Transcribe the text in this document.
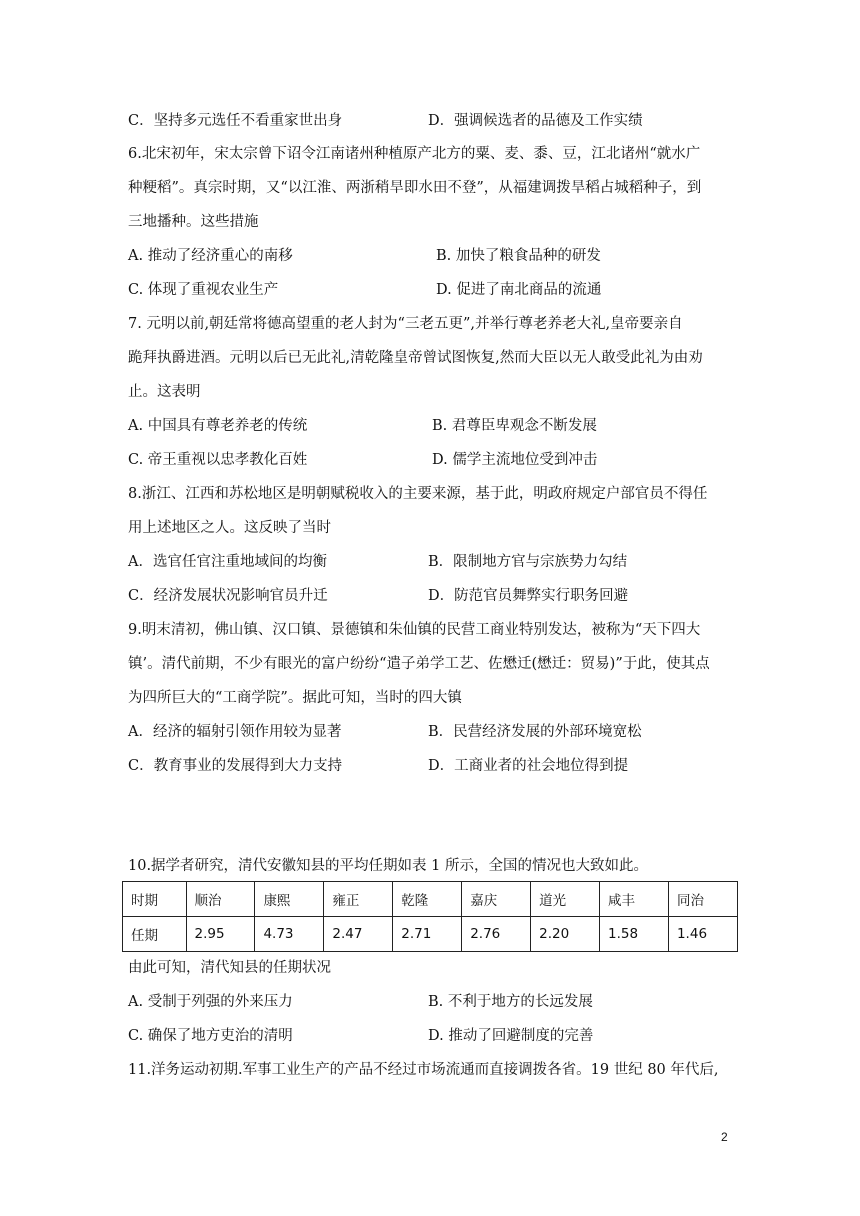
C．坚持多元选任不看重家世出身	D．强调候选者的品德及工作实绩
6.北宋初年，宋太宗曾下诏令江南诸州种植原产北方的粟、麦、黍、豆，江北诸州“就水广
种粳稻”。真宗时期，又“以江淮、两浙稍旱即水田不登”，从福建调拨旱稻占城稻种子，到
三地播种。这些措施
A. 推动了经济重心的南移	B. 加快了粮食品种的研发
C. 体现了重视农业生产	D. 促进了南北商品的流通
7. 元明以前,朝廷常将德高望重的老人封为“三老五更”,并举行尊老养老大礼,皇帝要亲自
跪拜执爵进酒。元明以后已无此礼,清乾隆皇帝曾试图恢复,然而大臣以无人敢受此礼为由劝
止。这表明
A. 中国具有尊老养老的传统	B. 君尊臣卑观念不断发展
C. 帝王重视以忠孝教化百姓	D. 儒学主流地位受到冲击
8.浙江、江西和苏松地区是明朝赋税收入的主要来源，基于此，明政府规定户部官员不得任
用上述地区之人。这反映了当时
A．选官任官注重地域间的均衡	B．限制地方官与宗族势力勾结
C．经济发展状况影响官员升迁	D．防范官员舞弊实行职务回避
9.明末清初，佛山镇、汉口镇、景德镇和朱仙镇的民营工商业特别发达，被称为“天下四大
镇’。清代前期，不少有眼光的富户纷纷“遣子弟学工艺、佐懋迁(懋迁：贸易)”于此，使其点
为四所巨大的“工商学院”。据此可知，当时的四大镇
A．经济的辐射引领作用较为显著	B．民营经济发展的外部环境宽松
C．教育事业的发展得到大力支持	D．工商业者的社会地位得到提
10.据学者研究，清代安徽知县的平均任期如表 1 所示，全国的情况也大致如此。
时期	顺治	康熙	雍正	乾隆	嘉庆	道光	咸丰	同治
任期	2.95	4.73	2.47	2.71	2.76	2.20	1.58	1.46
由此可知，清代知县的任期状况
A. 受制于列强的外来压力	B. 不利于地方的长远发展
C. 确保了地方吏治的清明	D. 推动了回避制度的完善
11.洋务运动初期.军事工业生产的产品不经过市场流通而直接调拨各省。19 世纪 80 年代后,
2
